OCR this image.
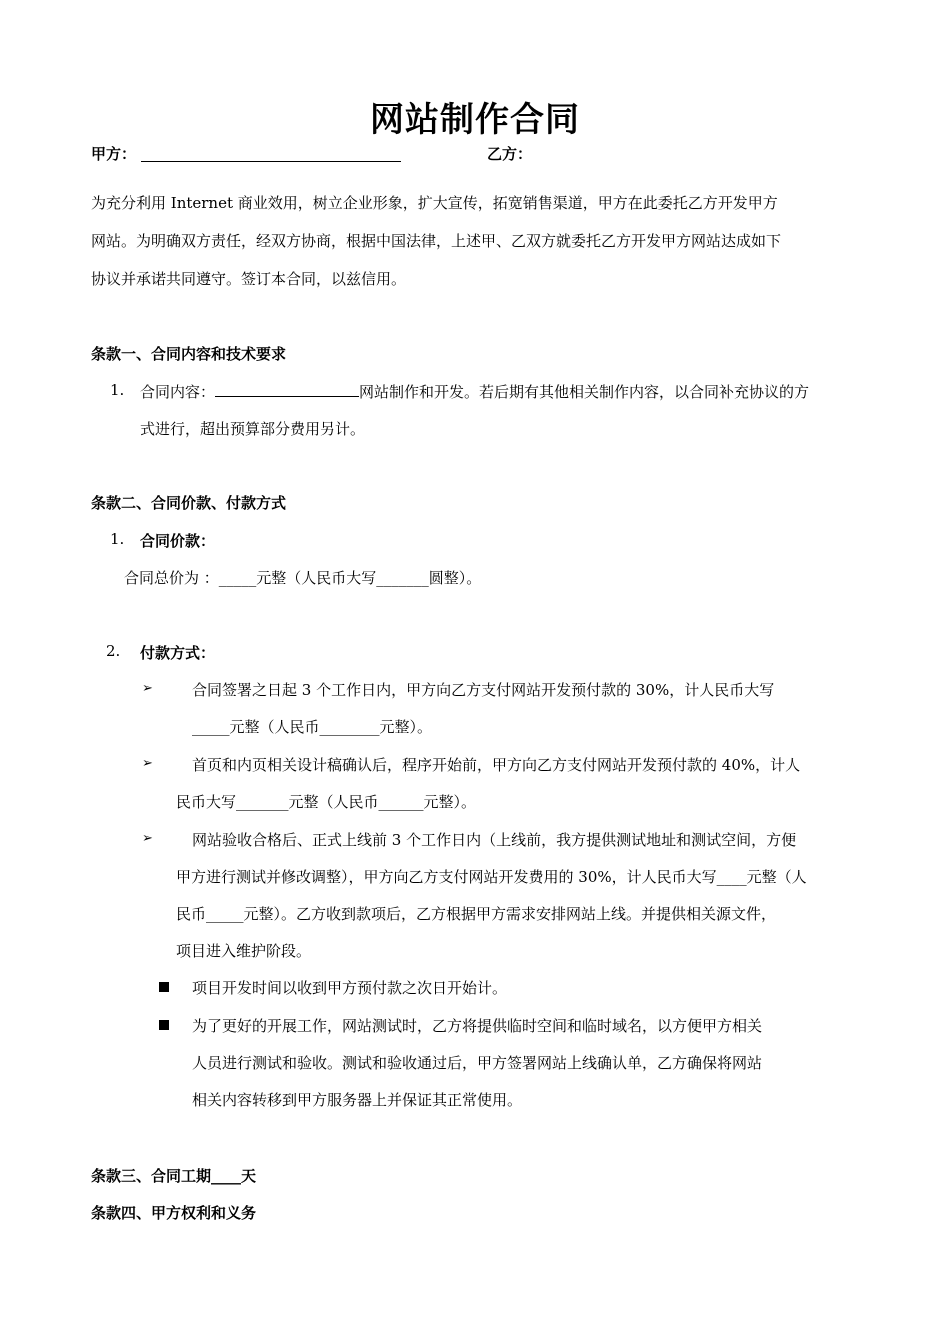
网站制作合同
甲方：	乙方：
为充分利用 Internet 商业效用，树立企业形象，扩大宣传，拓宽销售渠道，甲方在此委托乙方开发甲方
网站。为明确双方责任，经双方协商，根据中国法律，上述甲、乙双方就委托乙方开发甲方网站达成如下
协议并承诺共同遵守。签订本合同，以兹信用。
条款一、合同内容和技术要求
1. 合同内容：	网站制作和开发。若后期有其他相关制作内容，以合同补充协议的方
式进行，超出预算部分费用另计。
条款二、合同价款、付款方式
1. 合同价款：
合同总价为 ：_____元整（人民币大写_______圆整）。
2. 付款方式：
➢	合同签署之日起 3 个工作日内，甲方向乙方支付网站开发预付款的 30%，计人民币大写
_____元整（人民币________元整）。
➢	首页和内页相关设计稿确认后，程序开始前，甲方向乙方支付网站开发预付款的 40%，计人
民币大写_______元整（人民币______元整）。
➢	网站验收合格后、正式上线前 3 个工作日内（上线前，我方提供测试地址和测试空间，方便
甲方进行测试并修改调整），甲方向乙方支付网站开发费用的 30%，计人民币大写____元整（人
民币_____元整）。乙方收到款项后，乙方根据甲方需求安排网站上线。并提供相关源文件，
项目进入维护阶段。
项目开发时间以收到甲方预付款之次日开始计。
为了更好的开展工作，网站测试时，乙方将提供临时空间和临时域名，以方便甲方相关
人员进行测试和验收。测试和验收通过后，甲方签署网站上线确认单，乙方确保将网站
相关内容转移到甲方服务器上并保证其正常使用。
条款三、合同工期____天
条款四、甲方权利和义务
